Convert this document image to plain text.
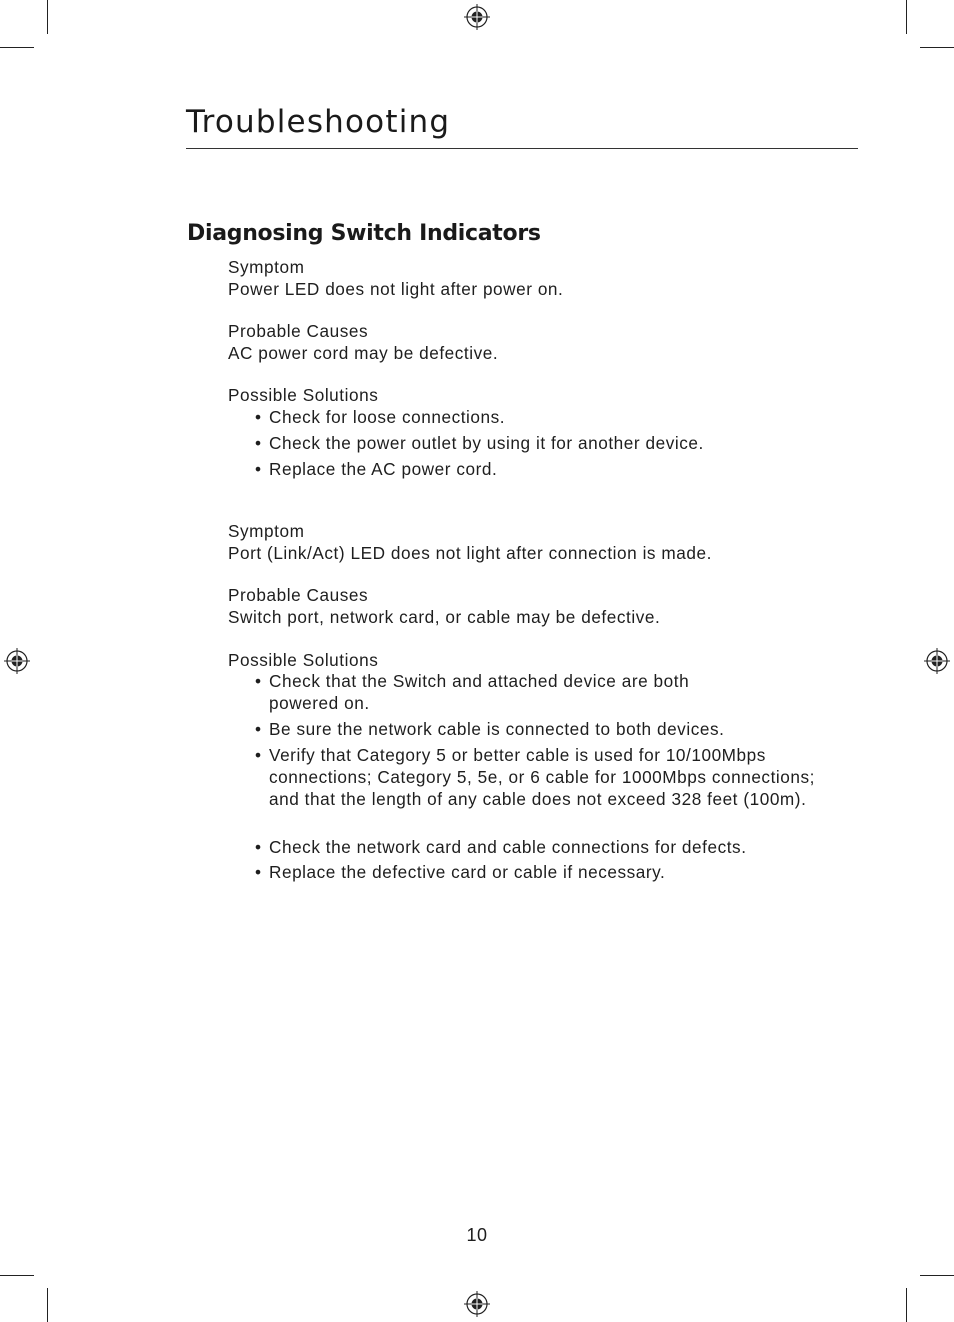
Troubleshooting
Diagnosing Switch Indicators
Symptom
Power LED does not light after power on.
Probable Causes
AC power cord may be defective.
Possible Solutions
• Check for loose connections.
• Check the power outlet by using it for another device.
• Replace the AC power cord.
Symptom
Port (Link/Act) LED does not light after connection is made.
Probable Causes
Switch port, network card, or cable may be defective.
Possible Solutions
• Check that the Switch and attached device are both powered on.
• Be sure the network cable is connected to both devices.
• Verify that Category 5 or better cable is used for 10/100Mbps connections; Category 5, 5e, or 6 cable for 1000Mbps connections; and that the length of any cable does not exceed 328 feet (100m).
• Check the network card and cable connections for defects.
• Replace the defective card or cable if necessary.
10
